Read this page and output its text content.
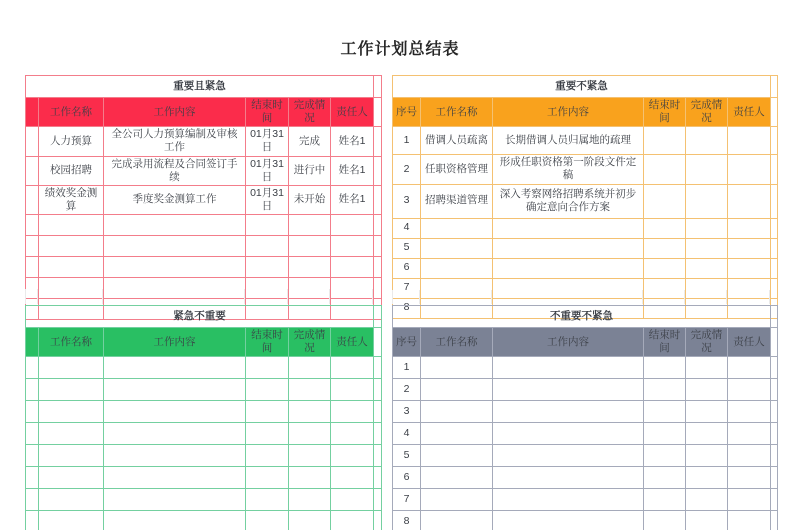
工作计划总结表
重要且紧急						
	工作名称	工作内容	结束时间	完成情况	责任人	
	人力预算	全公司人力预算编制及审核工作	01月31日	完成	姓名1	
	校园招聘	完成录用流程及合同签订手续	01月31日	进行中	姓名1	
	绩效奖金测算	季度奖金测算工作	01月31日	未开始	姓名1	

重要不紧急						
序号	工作名称	工作内容	结束时间	完成情况	责任人	
1	借调人员疏离	长期借调人员归属地的疏理				
2	任职资格管理	形成任职资格第一阶段文件定稿				
3	招聘渠道管理	深入考察网络招聘系统并初步确定意向合作方案				
4						
5						
6						
7						
8						
紧急不重要						
	工作名称	工作内容	结束时间	完成情况	责任人	

不重要不紧急						
序号	工作名称	工作内容	结束时间	完成情况	责任人	
1						
2						
3						
4						
5						
6						
7						
8						
